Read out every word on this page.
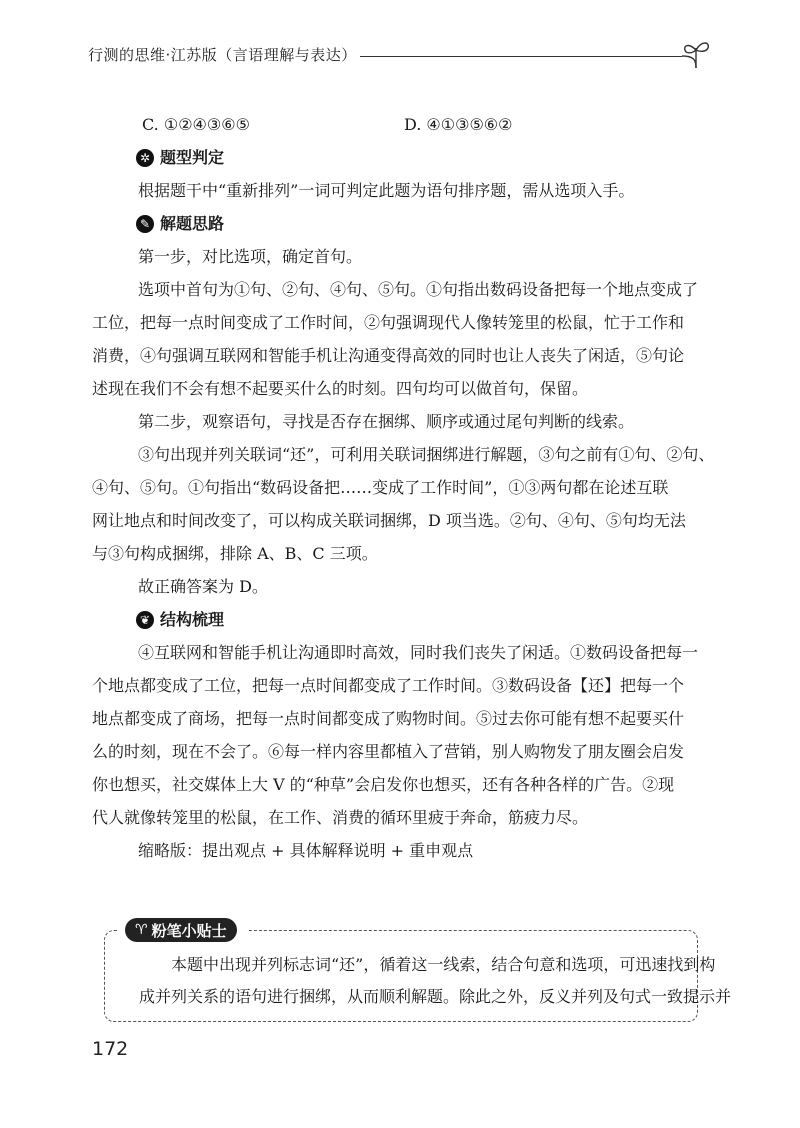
行测的思维·江苏版（言语理解与表达）
C. ①②④③⑥⑤	D. ④①③⑤⑥②
✲ 题型判定
根据题干中“重新排列”一词可判定此题为语句排序题，需从选项入手。
✎ 解题思路
第一步，对比选项，确定首句。
选项中首句为①句、②句、④句、⑤句。①句指出数码设备把每一个地点变成了
工位，把每一点时间变成了工作时间，②句强调现代人像转笼里的松鼠，忙于工作和
消费，④句强调互联网和智能手机让沟通变得高效的同时也让人丧失了闲适，⑤句论
述现在我们不会有想不起要买什么的时刻。四句均可以做首句，保留。
第二步，观察语句，寻找是否存在捆绑、顺序或通过尾句判断的线索。
③句出现并列关联词“还”，可利用关联词捆绑进行解题，③句之前有①句、②句、
④句、⑤句。①句指出“数码设备把……变成了工作时间”，①③两句都在论述互联
网让地点和时间改变了，可以构成关联词捆绑，D 项当选。②句、④句、⑤句均无法
与③句构成捆绑，排除 A、B、C 三项。
故正确答案为 D。
❦ 结构梳理
④互联网和智能手机让沟通即时高效，同时我们丧失了闲适。①数码设备把每一
个地点都变成了工位，把每一点时间都变成了工作时间。③数码设备【还】把每一个
地点都变成了商场，把每一点时间都变成了购物时间。⑤过去你可能有想不起要买什
么的时刻，现在不会了。⑥每一样内容里都植入了营销，别人购物发了朋友圈会启发
你也想买，社交媒体上大 V 的“种草”会启发你也想买，还有各种各样的广告。②现
代人就像转笼里的松鼠，在工作、消费的循环里疲于奔命，筋疲力尽。
缩略版：提出观点 + 具体解释说明 + 重申观点
♈ 粉笔小贴士
本题中出现并列标志词“还”，循着这一线索，结合句意和选项，可迅速找到构
成并列关系的语句进行捆绑，从而顺利解题。除此之外，反义并列及句式一致提示并
172
